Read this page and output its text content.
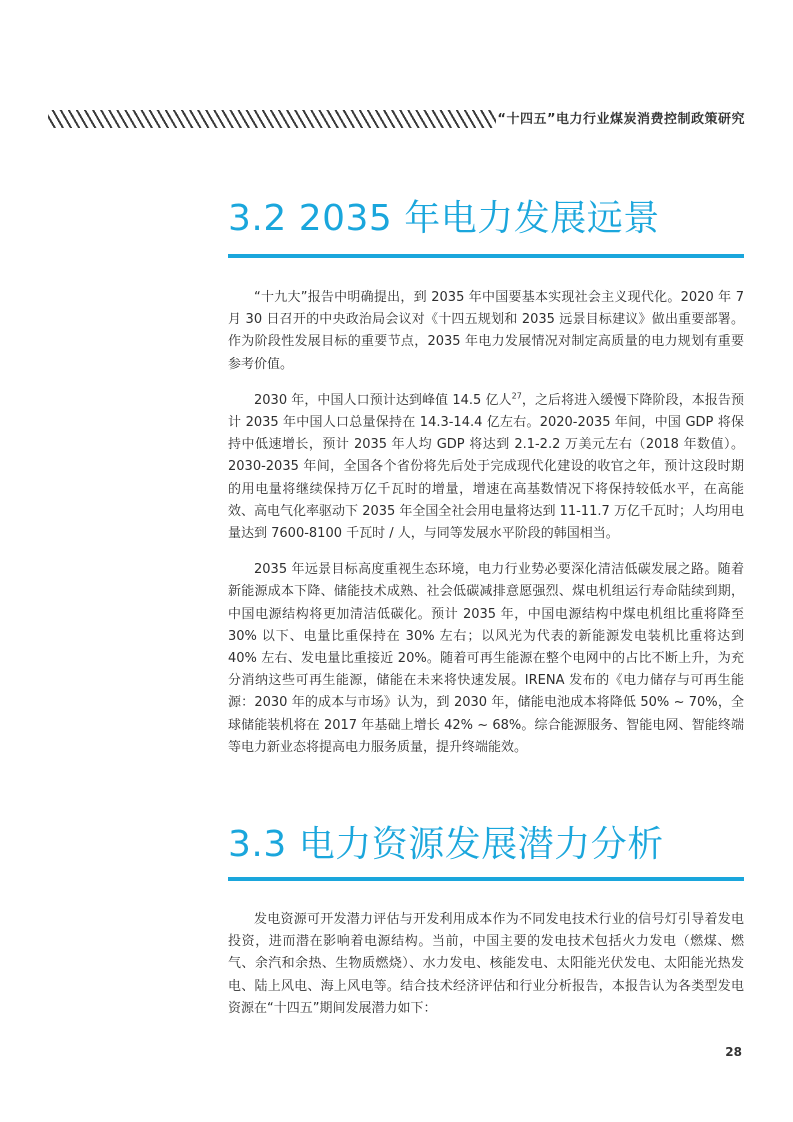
“十四五”电力行业煤炭消费控制政策研究
3.2 2035 年电力发展远景

“十九大”报告中明确提出，到 2035 年中国要基本实现社会主义现代化。2020 年 7 月 30 日召开的中央政治局会议对《十四五规划和 2035 远景目标建议》做出重要部署。作为阶段性发展目标的重要节点，2035 年电力发展情况对制定高质量的电力规划有重要参考价值。

2030 年，中国人口预计达到峰值 14.5 亿人$^{27}$，之后将进入缓慢下降阶段，本报告预计 2035 年中国人口总量保持在 14.3-14.4 亿左右。2020-2035 年间，中国 GDP 将保持中低速增长，预计 2035 年人均 GDP 将达到 2.1-2.2 万美元左右（2018 年数值）。2030-2035 年间，全国各个省份将先后处于完成现代化建设的收官之年，预计这段时期的用电量将继续保持万亿千瓦时的增量，增速在高基数情况下将保持较低水平，在高能效、高电气化率驱动下 2035 年全国全社会用电量将达到 11-11.7 万亿千瓦时；人均用电量达到 7600-8100 千瓦时 / 人，与同等发展水平阶段的韩国相当。

2035 年远景目标高度重视生态环境，电力行业势必要深化清洁低碳发展之路。随着新能源成本下降、储能技术成熟、社会低碳减排意愿强烈、煤电机组运行寿命陆续到期，中国电源结构将更加清洁低碳化。预计 2035 年，中国电源结构中煤电机组比重将降至 30% 以下、电量比重保持在 30% 左右；以风光为代表的新能源发电装机比重将达到 40% 左右、发电量比重接近 20%。随着可再生能源在整个电网中的占比不断上升，为充分消纳这些可再生能源，储能在未来将快速发展。IRENA 发布的《电力储存与可再生能源：2030 年的成本与市场》认为，到 2030 年，储能电池成本将降低 50% ~ 70%，全球储能装机将在 2017 年基础上增长 42% ~ 68%。综合能源服务、智能电网、智能终端等电力新业态将提高电力服务质量，提升终端能效。

3.3 电力资源发展潜力分析

发电资源可开发潜力评估与开发利用成本作为不同发电技术行业的信号灯引导着发电投资，进而潜在影响着电源结构。当前，中国主要的发电技术包括火力发电（燃煤、燃气、余汽和余热、生物质燃烧）、水力发电、核能发电、太阳能光伏发电、太阳能光热发电、陆上风电、海上风电等。结合技术经济评估和行业分析报告，本报告认为各类型发电资源在“十四五”期间发展潜力如下：

28
